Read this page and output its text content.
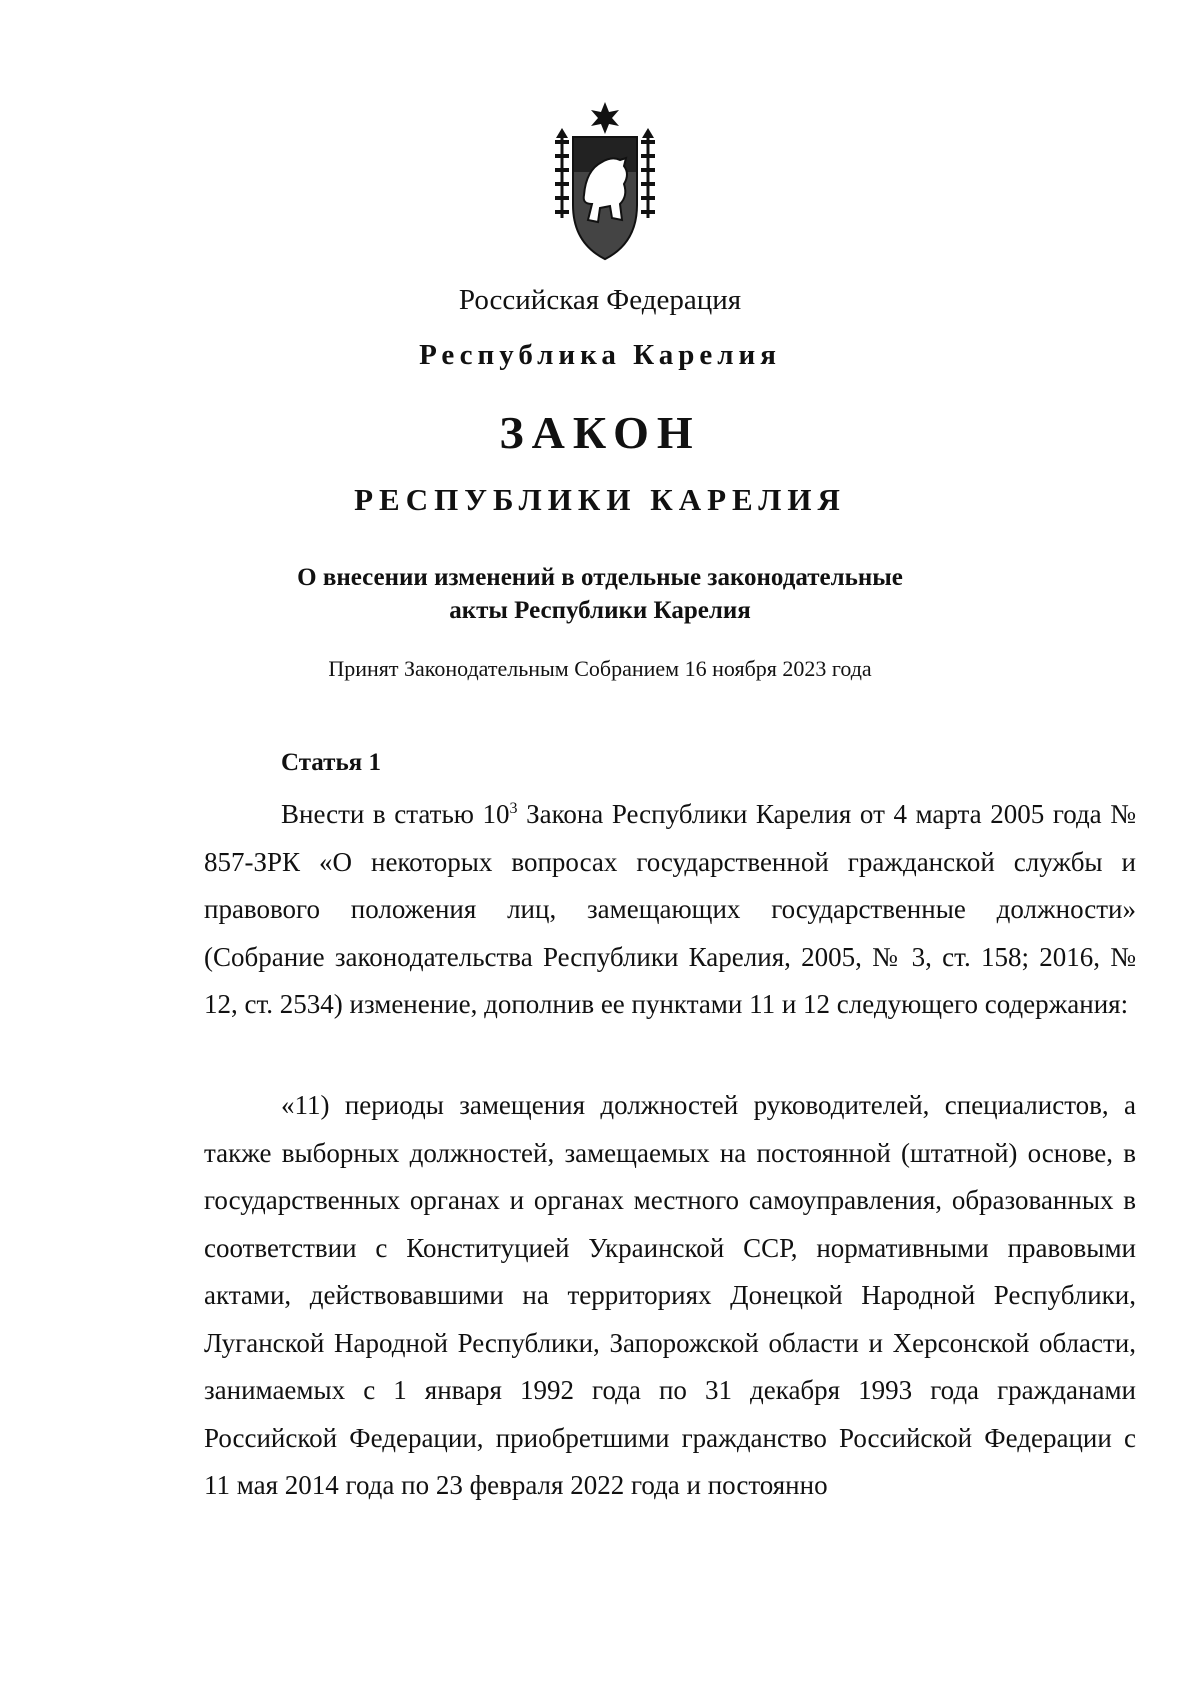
Российская Федерация
Республика Карелия
ЗАКОН
РЕСПУБЛИКИ КАРЕЛИЯ
О внесении изменений в отдельные законодательные
акты Республики Карелия
Принят Законодательным Собранием 16 ноября 2023 года
Статья 1

Внести в статью $10^3$ Закона Республики Карелия от 4 марта 2005 года № 857-ЗРК «О некоторых вопросах государственной гражданской службы и правового положения лиц, замещающих государственные должности» (Собрание законодательства Республики Карелия, 2005, № 3, ст. 158; 2016, № 12, ст. 2534) изменение, дополнив ее пунктами 11 и 12 следующего содержания:

«11) периоды замещения должностей руководителей, специалистов, а также выборных должностей, замещаемых на постоянной (штатной) основе, в государственных органах и органах местного самоуправления, образованных в соответствии с Конституцией Украинской ССР, нормативными правовыми актами, действовавшими на территориях Донецкой Народной Республики, Луганской Народной Республики, Запорожской области и Херсонской области, занимаемых с 1 января 1992 года по 31 декабря 1993 года гражданами Российской Федерации, приобретшими гражданство Российской Федерации с 11 мая 2014 года по 23 февраля 2022 года и постоянно
